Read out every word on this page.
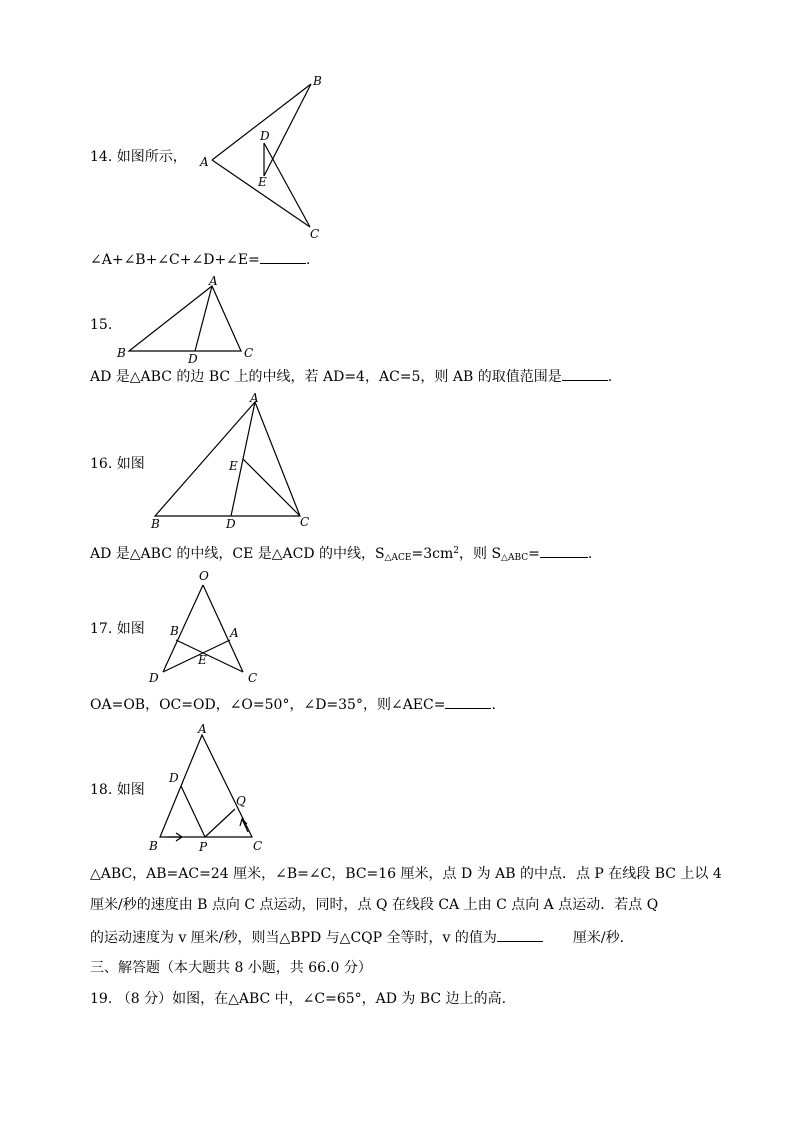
A
B
C
D
E
14. 如图所示，
∠A+∠B+∠C+∠D+∠E=	.
A
B	C
D
15.
AD 是△ABC 的边 BC 上的中线，若 AD=4，AC=5，则 AB 的取值范围是	.
A
B	C
D
E
16. 如图
AD 是△ABC 的中线，CE 是△ACD 的中线，$S_{\triangle ACE}=3cm^2$，则 $S_{\triangle ABC}=$	.
O
B	A
D	C
E
17. 如图
OA=OB，OC=OD，∠O=50°，∠D=35°，则∠AEC=	.
A
D
Q
B	P	C
18. 如图
△ABC，AB=AC=24 厘米，∠B=∠C，BC=16 厘米，点 D 为 AB 的中点．点 P 在线段 BC 上以 4
厘米/秒的速度由 B 点向 C 点运动，同时，点 Q 在线段 CA 上由 C 点向 A 点运动．若点 Q
的运动速度为 v 厘米/秒，则当△BPD 与△CQP 全等时，v 的值为	厘米/秒.
三、解答题（本大题共 8 小题，共 66.0 分）
19. （8 分）如图，在△ABC 中，∠C=65°，AD 为 BC 边上的高.
